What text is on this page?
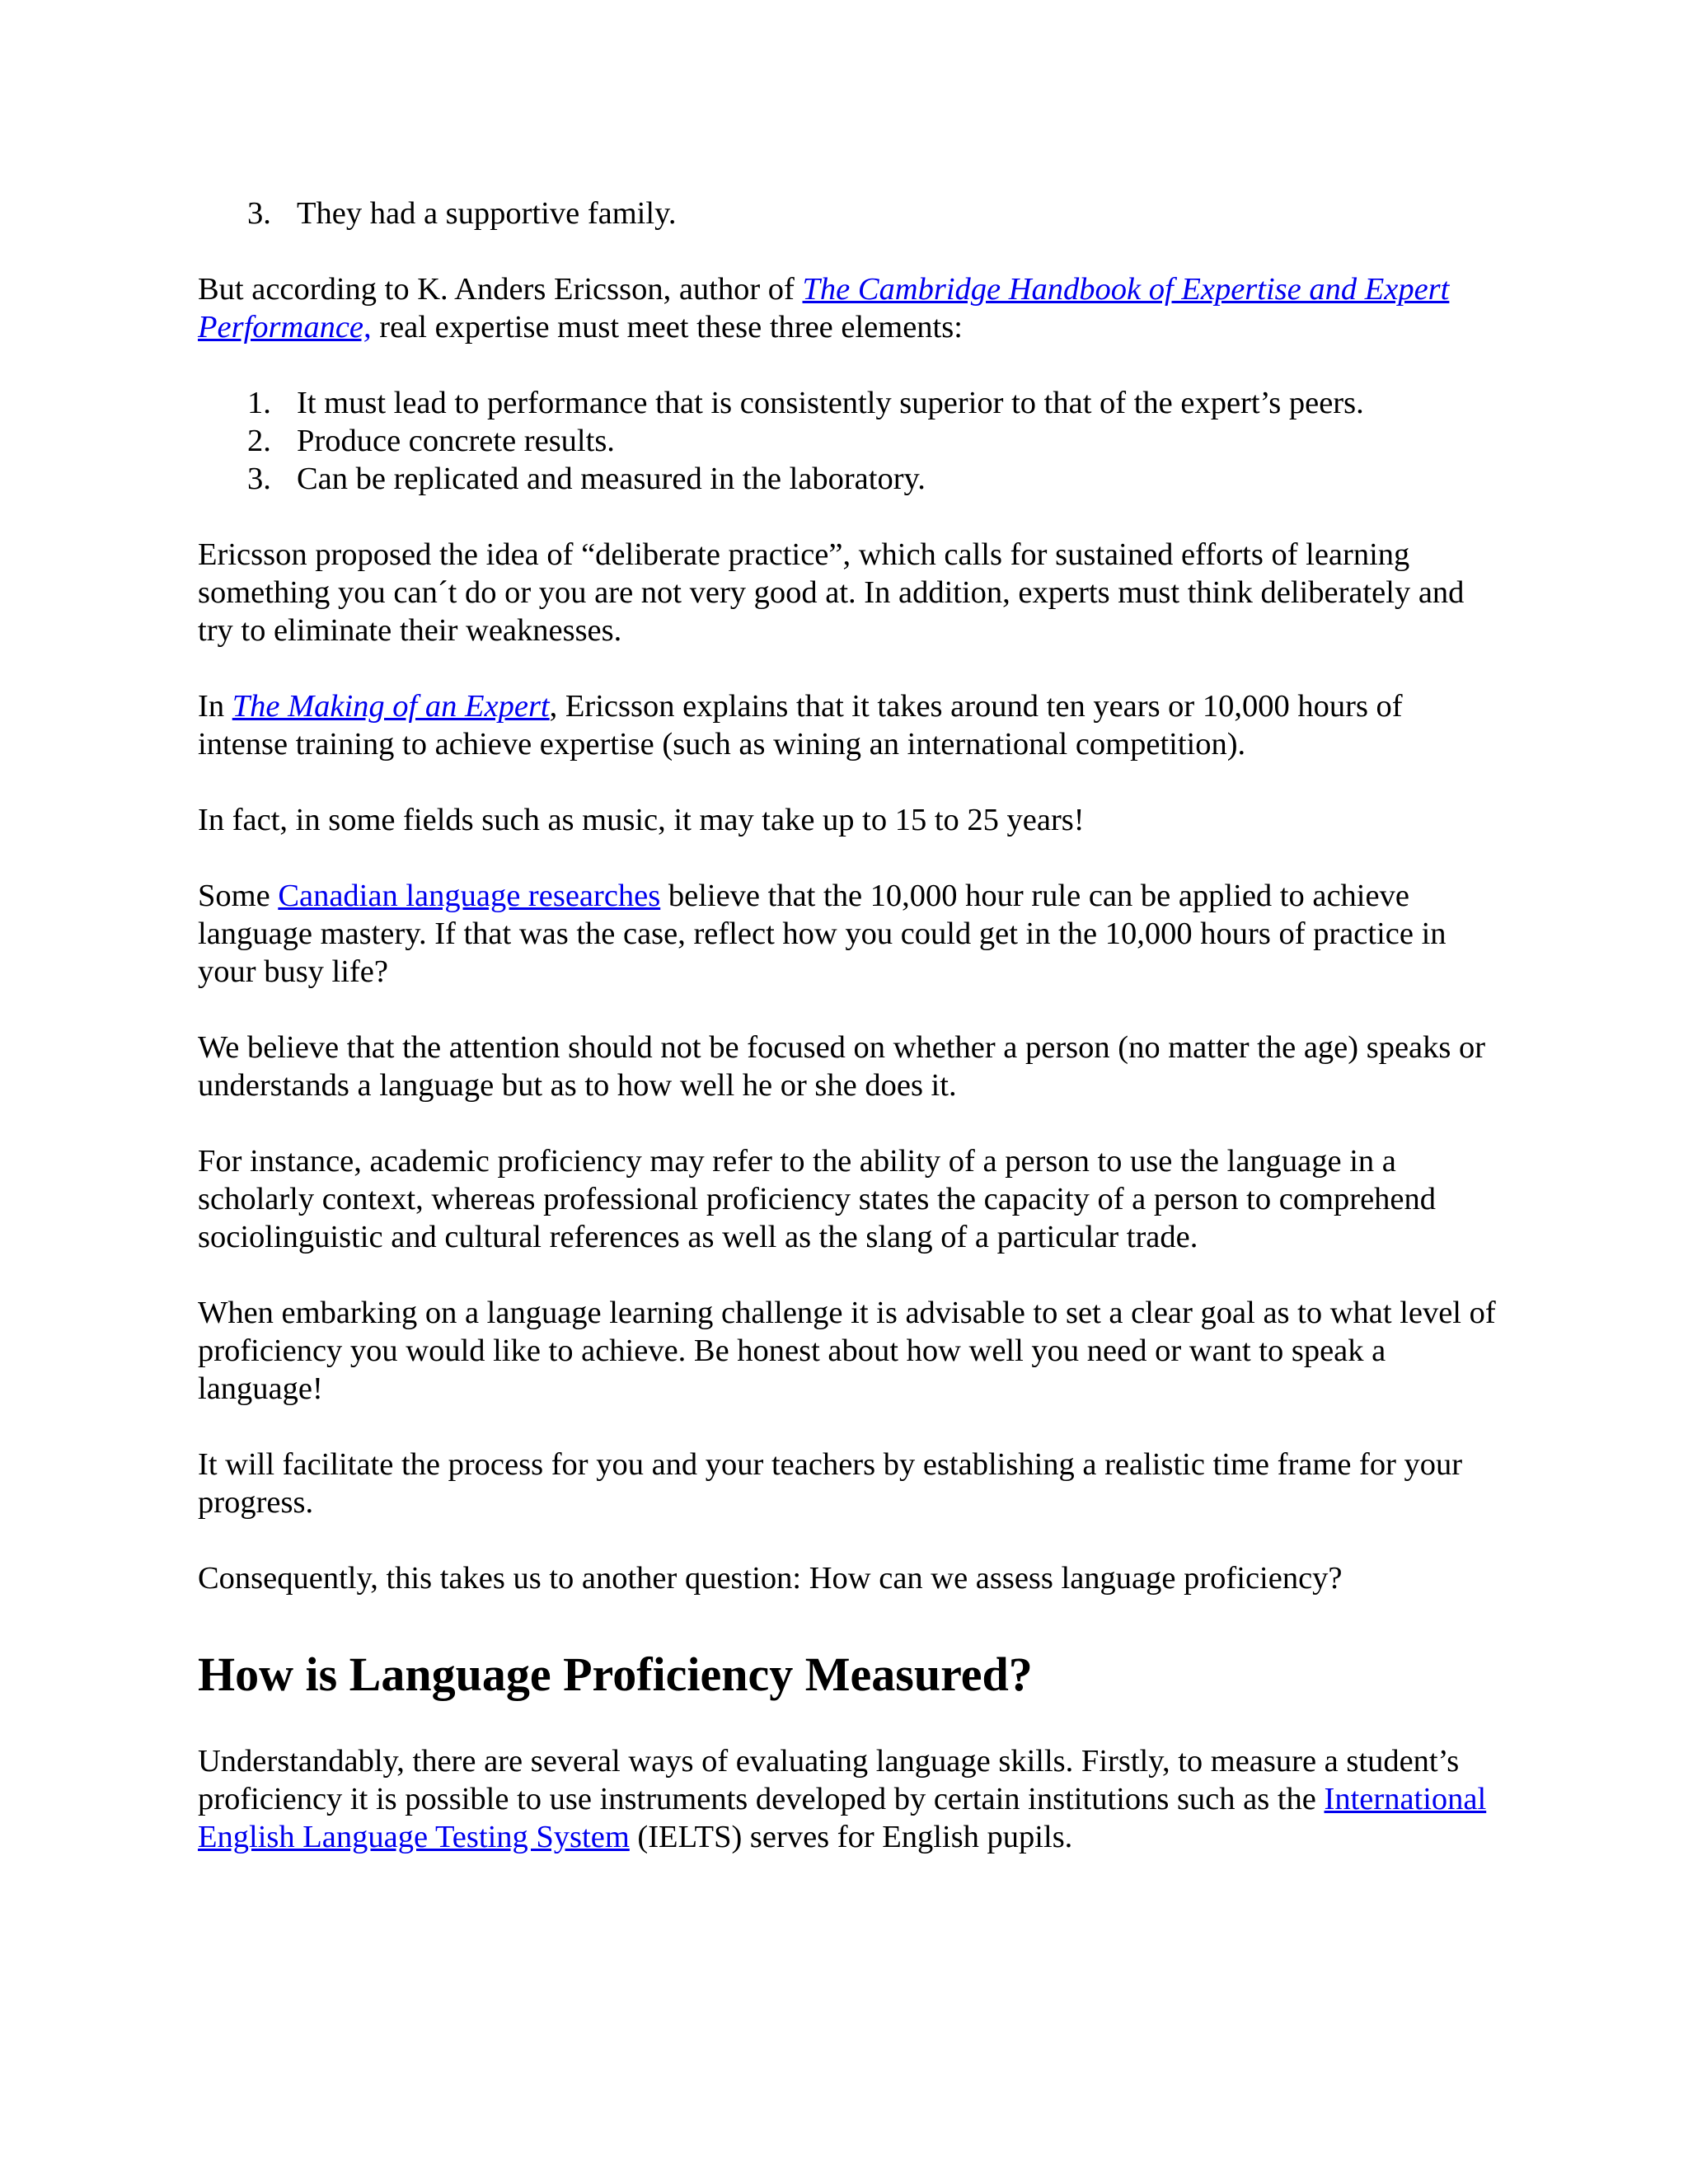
3. They had a supportive family.

But according to K. Anders Ericsson, author of The Cambridge Handbook of Expertise and Expert Performance, real expertise must meet these three elements:

1. It must lead to performance that is consistently superior to that of the expert’s peers.
2. Produce concrete results.
3. Can be replicated and measured in the laboratory.

Ericsson proposed the idea of “deliberate practice”, which calls for sustained efforts of learning something you can´t do or you are not very good at. In addition, experts must think deliberately and try to eliminate their weaknesses.

In The Making of an Expert, Ericsson explains that it takes around ten years or 10,000 hours of intense training to achieve expertise (such as wining an international competition).

In fact, in some fields such as music, it may take up to 15 to 25 years!

Some Canadian language researches believe that the 10,000 hour rule can be applied to achieve language mastery. If that was the case, reflect how you could get in the 10,000 hours of practice in your busy life?

We believe that the attention should not be focused on whether a person (no matter the age) speaks or understands a language but as to how well he or she does it.

For instance, academic proficiency may refer to the ability of a person to use the language in a scholarly context, whereas professional proficiency states the capacity of a person to comprehend sociolinguistic and cultural references as well as the slang of a particular trade.

When embarking on a language learning challenge it is advisable to set a clear goal as to what level of proficiency you would like to achieve. Be honest about how well you need or want to speak a language!

It will facilitate the process for you and your teachers by establishing a realistic time frame for your progress.

Consequently, this takes us to another question: How can we assess language proficiency?

How is Language Proficiency Measured?

Understandably, there are several ways of evaluating language skills. Firstly, to measure a student’s proficiency it is possible to use instruments developed by certain institutions such as the International English Language Testing System (IELTS) serves for English pupils.
